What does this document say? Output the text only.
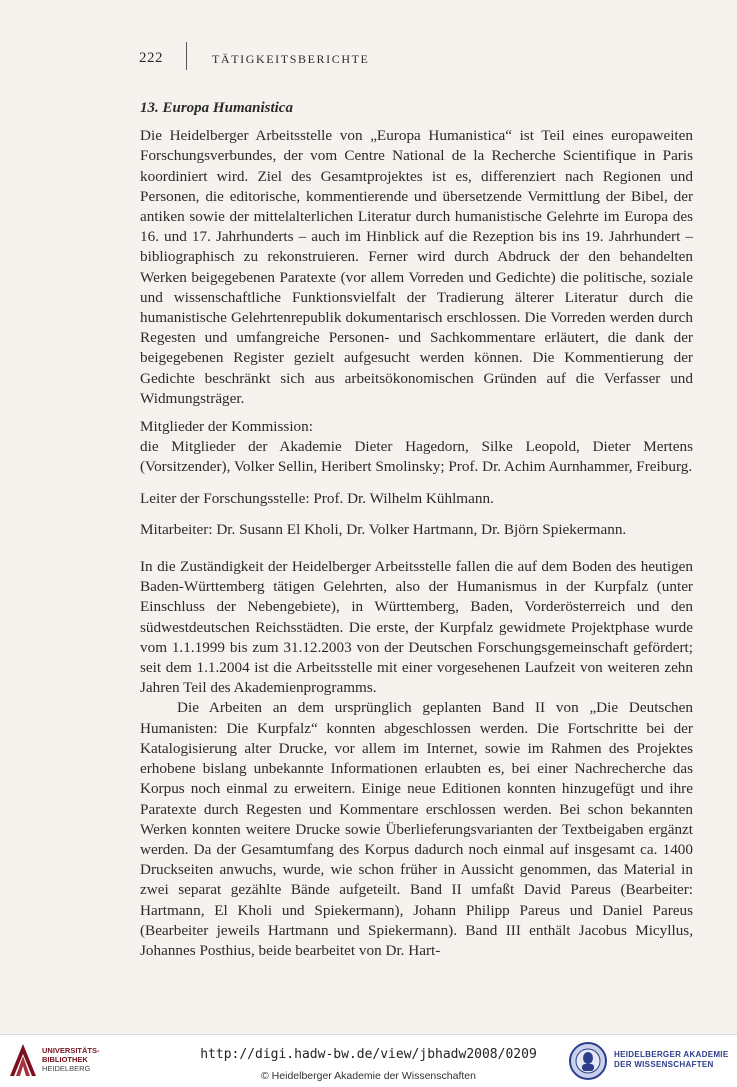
222	TÄTIGKEITSBERICHTE
13. Europa Humanistica

Die Heidelberger Arbeitsstelle von „Europa Humanistica“ ist Teil eines europaweiten Forschungsverbundes, der vom Centre National de la Recherche Scientifique in Paris koordiniert wird. Ziel des Gesamtprojektes ist es, differenziert nach Regionen und Personen, die editorische, kommentierende und übersetzende Vermittlung der Bibel, der antiken sowie der mittelalterlichen Literatur durch humanistische Gelehrte im Europa des 16. und 17. Jahrhunderts – auch im Hinblick auf die Rezeption bis ins 19. Jahrhundert – bibliographisch zu rekonstruieren. Ferner wird durch Abdruck der den behandelten Werken beigegebenen Paratexte (vor allem Vorreden und Gedichte) die politische, soziale und wissenschaftliche Funktionsvielfalt der Tradierung älterer Literatur durch die humanistische Gelehrtenrepublik dokumentarisch erschlossen. Die Vorreden werden durch Regesten und umfangreiche Personen- und Sachkommentare erläutert, die dank der beigegebenen Register gezielt aufgesucht werden können. Die Kommentierung der Gedichte beschränkt sich aus arbeitsökonomischen Gründen auf die Verfasser und Widmungsträger.

Mitglieder der Kommission:

die Mitglieder der Akademie Dieter Hagedorn, Silke Leopold, Dieter Mertens (Vorsitzender), Volker Sellin, Heribert Smolinsky; Prof. Dr. Achim Aurnhammer, Freiburg.

Leiter der Forschungsstelle: Prof. Dr. Wilhelm Kühlmann.

Mitarbeiter: Dr. Susann El Kholi, Dr. Volker Hartmann, Dr. Björn Spiekermann.

In die Zuständigkeit der Heidelberger Arbeitsstelle fallen die auf dem Boden des heutigen Baden-Württemberg tätigen Gelehrten, also der Humanismus in der Kurpfalz (unter Einschluss der Nebengebiete), in Württemberg, Baden, Vorderösterreich und den südwestdeutschen Reichsstädten. Die erste, der Kurpfalz gewidmete Projektphase wurde vom 1.1.1999 bis zum 31.12.2003 von der Deutschen Forschungsgemeinschaft gefördert; seit dem 1.1.2004 ist die Arbeitsstelle mit einer vorgesehenen Laufzeit von weiteren zehn Jahren Teil des Akademienprogramms.

Die Arbeiten an dem ursprünglich geplanten Band II von „Die Deutschen Humanisten: Die Kurpfalz“ konnten abgeschlossen werden. Die Fortschritte bei der Katalogisierung alter Drucke, vor allem im Internet, sowie im Rahmen des Projektes erhobene bislang unbekannte Informationen erlaubten es, bei einer Nachrecherche das Korpus noch einmal zu erweitern. Einige neue Editionen konnten hinzugefügt und ihre Paratexte durch Regesten und Kommentare erschlossen werden. Bei schon bekannten Werken konnten weitere Drucke sowie Überlieferungsvarianten der Textbeigaben ergänzt werden. Da der Gesamtumfang des Korpus dadurch noch einmal auf insgesamt ca. 1400 Druckseiten anwuchs, wurde, wie schon früher in Aussicht genommen, das Material in zwei separat gezählte Bände aufgeteilt. Band II umfaßt David Pareus (Bearbeiter: Hartmann, El Kholi und Spiekermann), Johann Philipp Pareus und Daniel Pareus (Bearbeiter jeweils Hartmann und Spiekermann). Band III enthält Jacobus Micyllus, Johannes Posthius, beide bearbeitet von Dr. Hart-

UNIVERSITÄTS-
BIBLIOTHEK
HEIDELBERG
http://digi.hadw-bw.de/view/jbhadw2008/0209
© Heidelberger Akademie der Wissenschaften
HEIDELBERGER AKADEMIE
DER WISSENSCHAFTEN
